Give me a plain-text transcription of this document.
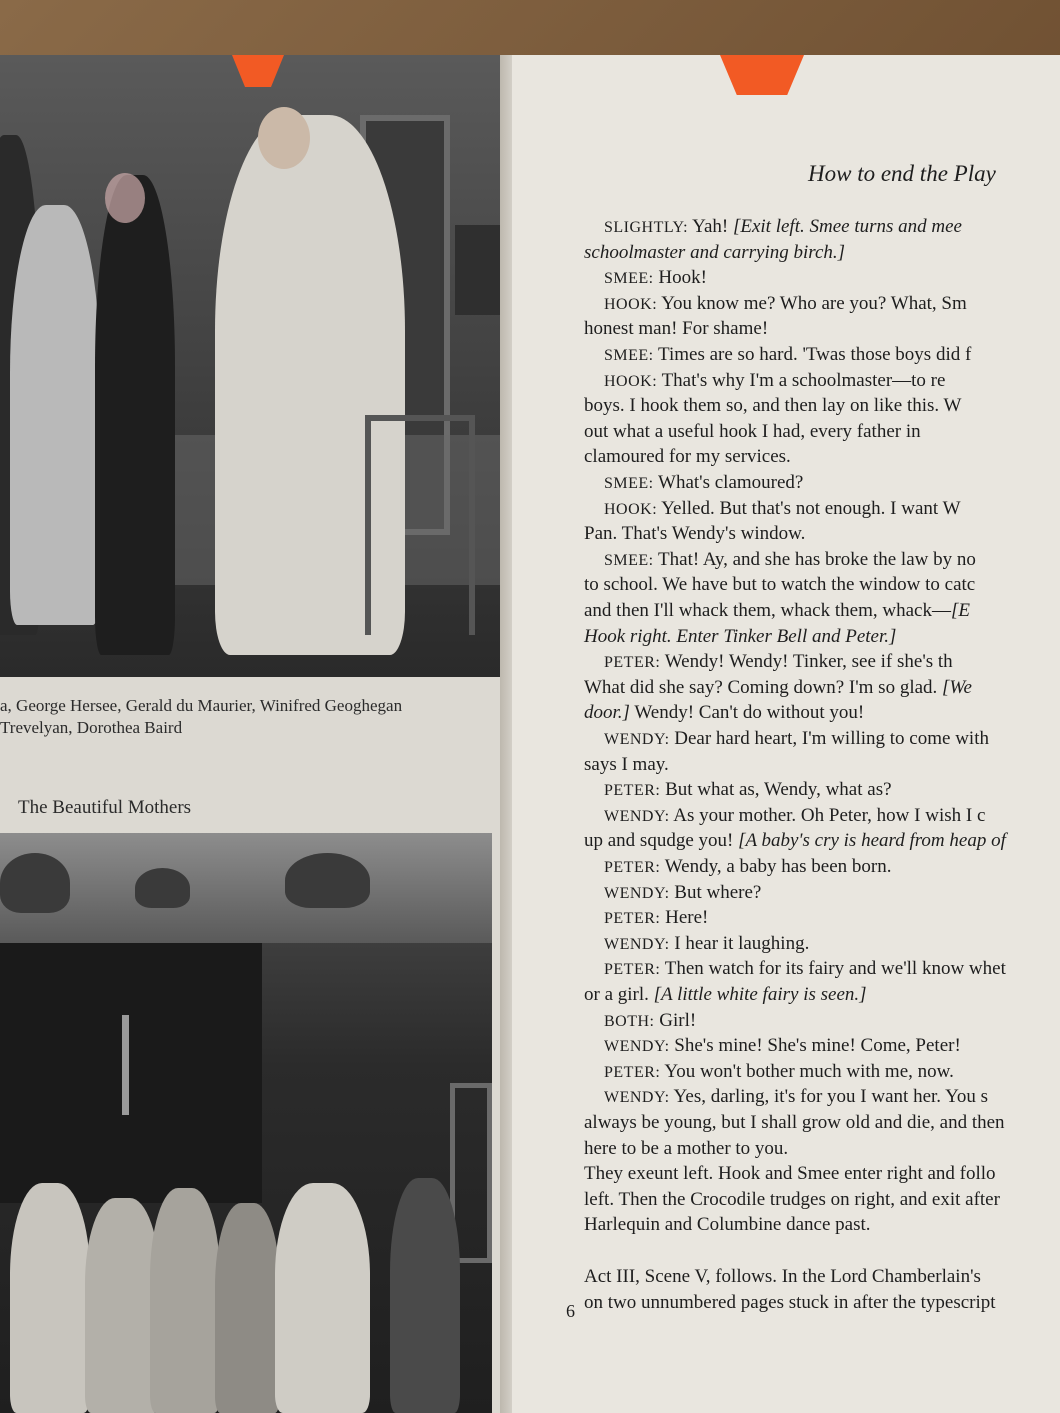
a, George Hersee, Gerald du Maurier, Winifred Geoghegan
Trevelyan, Dorothea Baird
The Beautiful Mothers
How to end the Play
SLIGHTLY: Yah! [Exit left. Smee turns and mee
schoolmaster and carrying birch.]
SMEE: Hook!
HOOK: You know me? Who are you? What, Sm
honest man! For shame!
SMEE: Times are so hard. 'Twas those boys did f
HOOK: That's why I'm a schoolmaster—to re
boys. I hook them so, and then lay on like this. W
out what a useful hook I had, every father in
clamoured for my services.
SMEE: What's clamoured?
HOOK: Yelled. But that's not enough. I want W
Pan. That's Wendy's window.
SMEE: That! Ay, and she has broke the law by no
to school. We have but to watch the window to catc
and then I'll whack them, whack them, whack—[E
Hook right. Enter Tinker Bell and Peter.]
PETER: Wendy! Wendy! Tinker, see if she's th
What did she say? Coming down? I'm so glad. [We
door.] Wendy! Can't do without you!
WENDY: Dear hard heart, I'm willing to come with
says I may.
PETER: But what as, Wendy, what as?
WENDY: As your mother. Oh Peter, how I wish I c
up and squdge you! [A baby's cry is heard from heap of
PETER: Wendy, a baby has been born.
WENDY: But where?
PETER: Here!
WENDY: I hear it laughing.
PETER: Then watch for its fairy and we'll know whet
or a girl. [A little white fairy is seen.]
BOTH: Girl!
WENDY: She's mine! She's mine! Come, Peter!
PETER: You won't bother much with me, now.
WENDY: Yes, darling, it's for you I want her. You s
always be young, but I shall grow old and die, and then
here to be a mother to you.
They exeunt left. Hook and Smee enter right and follo
left. Then the Crocodile trudges on right, and exit after
Harlequin and Columbine dance past.
Act III, Scene V, follows. In the Lord Chamberlain's
on two unnumbered pages stuck in after the typescript
6
